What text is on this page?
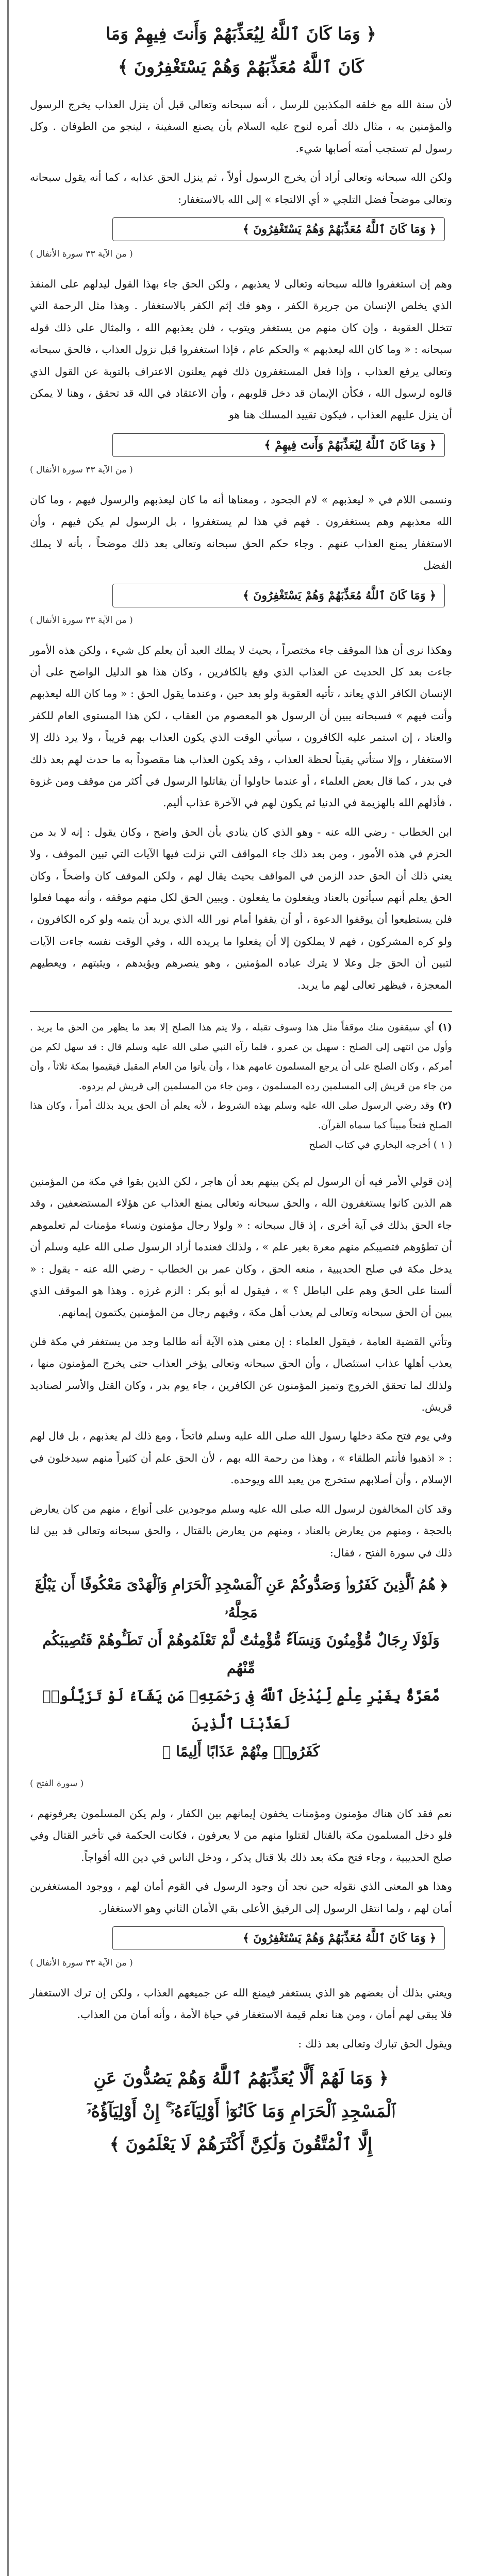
﴿ وَمَا كَانَ ٱللَّهُ لِيُعَذِّبَهُمْ وَأَنتَ فِيهِمْ وَمَا
كَانَ ٱللَّهُ مُعَذِّبَهُمْ وَهُمْ يَسْتَغْفِرُونَ ﴾

لأن سنة الله مع خلقه المكذبين للرسل ، أنه سبحانه وتعالى قبل أن ينزل العذاب يخرج الرسول والمؤمنين به ، مثال ذلك أمره لنوح عليه السلام بأن يصنع السفينة ، لينجو من الطوفان . وكل رسول لم تستجب أمته أصابها شيء.

ولكن الله سبحانه وتعالى أراد أن يخرج الرسول أولاً ، ثم ينزل الحق عذابه ، كما أنه يقول سبحانه وتعالى موضحاً فضل التلجي « أي الالتجاء » إلى الله بالاستغفار:

﴿ وَمَا كَانَ ٱللَّهُ مُعَذِّبَهُمْ وَهُمْ يَسْتَغْفِرُونَ ﴾
( من الآية ٣٣ سورة الأنفال )

وهم إن استغفروا فالله سبحانه وتعالى لا يعذبهم ، ولكن الحق جاء بهذا القول ليدلهم على المنفذ الذي يخلص الإنسان من جريرة الكفر ، وهو فك إثم الكفر بالاستغفار . وهذا مثل الرحمة التي تتخلل العقوبة ، وإن كان منهم من يستغفر ويتوب ، فلن يعذبهم الله ، والمثال على ذلك قوله سبحانه : « وما كان الله ليعذبهم » والحكم عام ، فإذا استغفروا قبل نزول العذاب ، فالحق سبحانه وتعالى يرفع العذاب ، وإذا فعل المستغفرون ذلك فهم يعلنون الاعتراف بالتوبة عن القول الذي قالوه لرسول الله ، فكأن الإيمان قد دخل قلوبهم ، وأن الاعتقاد في الله قد تحقق ، وهنا لا يمكن أن ينزل عليهم العذاب ، فيكون تقييد المسلك هنا هو

﴿ وَمَا كَانَ ٱللَّهُ لِيُعَذِّبَهُمْ وَأَنتَ فِيهِمْ ﴾
( من الآية ٣٣ سورة الأنفال )

ونسمى اللام في « ليعذبهم » لام الجحود ، ومعناها أنه ما كان ليعذبهم والرسول فيهم ، وما كان الله معذبهم وهم يستغفرون . فهم في هذا لم يستغفروا ، بل الرسول لم يكن فيهم ، وأن الاستغفار يمنع العذاب عنهم . وجاء حكم الحق سبحانه وتعالى بعد ذلك موضحاً ، بأنه لا يملك الفضل

﴿ وَمَا كَانَ ٱللَّهُ مُعَذِّبَهُمْ وَهُمْ يَسْتَغْفِرُونَ ﴾
( من الآية ٣٣ سورة الأنفال )

وهكذا نرى أن هذا الموقف جاء مختصراً ، بحيث لا يملك العبد أن يعلم كل شيء ، ولكن هذه الأمور جاءت بعد كل الحديث عن العذاب الذي وقع بالكافرين ، وكان هذا هو الدليل الواضح على أن الإنسان الكافر الذي يعاند ، تأتيه العقوبة ولو بعد حين ، وعندما يقول الحق : « وما كان الله ليعذبهم وأنت فيهم » فسبحانه يبين أن الرسول هو المعصوم من العقاب ، لكن هذا المستوى العام للكفر والعناد ، إن استمر عليه الكافرون ، سيأتي الوقت الذي يكون العذاب بهم قريباً ، ولا يرد ذلك إلا الاستغفار ، وإلا ستأتي يقيناً لحظة العذاب ، وقد يكون العذاب هنا مقصوداً به ما حدث لهم بعد ذلك في بدر ، كما قال بعض العلماء ، أو عندما حاولوا أن يقاتلوا الرسول في أكثر من موقف ومن غزوة ، فأذلهم الله بالهزيمة في الدنيا ثم يكون لهم في الآخرة عذاب أليم.

ابن الخطاب - رضي الله عنه - وهو الذي كان ينادي بأن الحق واضح ، وكان يقول : إنه لا بد من الحزم في هذه الأمور ، ومن بعد ذلك جاء المواقف التي نزلت فيها الآيات التي تبين الموقف ، ولا يعني ذلك أن الحق حدد الزمن في المواقف بحيث يقال لهم ، ولكن الموقف كان واضحاً ، وكان الحق يعلم أنهم سيأتون بالعناد ويفعلون ما يفعلون . ويبين الحق لكل منهم موقفه ، وأنه مهما فعلوا فلن يستطيعوا أن يوقفوا الدعوة ، أو أن يقفوا أمام نور الله الذي يريد أن يتمه ولو كره الكافرون ، ولو كره المشركون ، فهم لا يملكون إلا أن يفعلوا ما يريده الله ، وفي الوقت نفسه جاءت الآيات لتبين أن الحق جل وعلا لا يترك عباده المؤمنين ، وهو ينصرهم ويؤيدهم ، ويثبتهم ، ويعطيهم المعجزة ، فيظهر تعالى لهم ما يريد.

(١) أي سيقفون منك موقفاً مثل هذا وسوف تقبله ، ولا يتم هذا الصلح إلا بعد ما يظهر من الحق ما يريد . وأول من انتهى إلى الصلح : سهيل بن عمرو ، فلما رآه النبي صلى الله عليه وسلم قال : قد سهل لكم من أمركم ، وكان الصلح على أن يرجع المسلمون عامهم هذا ، وأن يأتوا من العام المقبل فيقيموا بمكة ثلاثاً ، وأن من جاء من قريش إلى المسلمين رده المسلمون ، ومن جاء من المسلمين إلى قريش لم يردوه.

(٢) وقد رضي الرسول صلى الله عليه وسلم بهذه الشروط ، لأنه يعلم أن الحق يريد بذلك أمراً ، وكان هذا الصلح فتحاً مبيناً كما سماه القرآن.

( ١ ) أخرجه البخاري في كتاب الصلح

إذن قولي الأمر فيه أن الرسول لم يكن بينهم بعد أن هاجر ، لكن الذين بقوا في مكة من المؤمنين هم الذين كانوا يستغفرون الله ، والحق سبحانه وتعالى يمنع العذاب عن هؤلاء المستضعفين ، وقد جاء الحق بذلك في آية أخرى ، إذ قال سبحانه : « ولولا رجال مؤمنون ونساء مؤمنات لم تعلموهم أن تطؤوهم فتصيبكم منهم معرة بغير علم » ، ولذلك فعندما أراد الرسول صلى الله عليه وسلم أن يدخل مكة في صلح الحديبية ، منعه الحق ، وكان عمر بن الخطاب - رضي الله عنه - يقول : « ألسنا على الحق وهم على الباطل ؟ » ، فيقول له أبو بكر : الزم غرزه . وهذا هو الموقف الذي يبين أن الحق سبحانه وتعالى لم يعذب أهل مكة ، وفيهم رجال من المؤمنين يكتمون إيمانهم.

وتأتي القضية العامة ، فيقول العلماء : إن معنى هذه الآية أنه طالما وجد من يستغفر في مكة فلن يعذب أهلها عذاب استئصال ، وأن الحق سبحانه وتعالى يؤخر العذاب حتى يخرج المؤمنون منها ، ولذلك لما تحقق الخروج وتميز المؤمنون عن الكافرين ، جاء يوم بدر ، وكان القتل والأسر لصناديد قريش.

وفي يوم فتح مكة دخلها رسول الله صلى الله عليه وسلم فاتحاً ، ومع ذلك لم يعذبهم ، بل قال لهم : « اذهبوا فأنتم الطلقاء » ، وهذا من رحمة الله بهم ، لأن الحق علم أن كثيراً منهم سيدخلون في الإسلام ، وأن أصلابهم ستخرج من يعبد الله ويوحده.

وقد كان المخالفون لرسول الله صلى الله عليه وسلم موجودين على أنواع ، منهم من كان يعارض بالحجة ، ومنهم من يعارض بالعناد ، ومنهم من يعارض بالقتال ، والحق سبحانه وتعالى قد بين لنا ذلك في سورة الفتح ، فقال:

﴿ هُمُ ٱلَّذِينَ كَفَرُوا۟ وَصَدُّوكُمْ عَنِ ٱلْمَسْجِدِ ٱلْحَرَامِ وَٱلْهَدْىَ مَعْكُوفًا أَن يَبْلُغَ مَحِلَّهُۥ
وَلَوْلَا رِجَالٌ مُّؤْمِنُونَ وَنِسَآءٌ مُّؤْمِنَٰتٌ لَّمْ تَعْلَمُوهُمْ أَن تَطَـُٔوهُمْ فَتُصِيبَكُم مِّنْهُم
مَّعَرَّةٌۢ بِغَيْرِ عِلْمٍ لِّيُدْخِلَ ٱللَّهُ فِى رَحْمَتِهِۦ مَن يَشَآءُ لَوْ تَزَيَّلُوا۟ لَعَذَّبْنَا ٱلَّذِينَ
كَفَرُوا۟ مِنْهُمْ عَذَابًا أَلِيمًا ﴾
( سورة الفتح )

نعم فقد كان هناك مؤمنون ومؤمنات يخفون إيمانهم بين الكفار ، ولم يكن المسلمون يعرفونهم ، فلو دخل المسلمون مكة بالقتال لقتلوا منهم من لا يعرفون ، فكانت الحكمة في تأخير القتال وفي صلح الحديبية ، وجاء فتح مكة بعد ذلك بلا قتال يذكر ، ودخل الناس في دين الله أفواجاً.

وهذا هو المعنى الذي نقوله حين نجد أن وجود الرسول في القوم أمان لهم ، ووجود المستغفرين أمان لهم ، ولما انتقل الرسول إلى الرفيق الأعلى بقي الأمان الثاني وهو الاستغفار.

﴿ وَمَا كَانَ ٱللَّهُ مُعَذِّبَهُمْ وَهُمْ يَسْتَغْفِرُونَ ﴾
( من الآية ٣٣ سورة الأنفال )

ويعني بذلك أن بعضهم هو الذي يستغفر فيمنع الله عن جميعهم العذاب ، ولكن إن ترك الاستغفار فلا يبقى لهم أمان ، ومن هنا نعلم قيمة الاستغفار في حياة الأمة ، وأنه أمان من العذاب.

ويقول الحق تبارك وتعالى بعد ذلك :

﴿ وَمَا لَهُمْ أَلَّا يُعَذِّبَهُمُ ٱللَّهُ وَهُمْ يَصُدُّونَ عَنِ
ٱلْمَسْجِدِ ٱلْحَرَامِ وَمَا كَانُوٓا۟ أَوْلِيَآءَهُۥٓ ۚ إِنْ أَوْلِيَآؤُهُۥٓ
إِلَّا ٱلْمُتَّقُونَ وَلَٰكِنَّ أَكْثَرَهُمْ لَا يَعْلَمُونَ ﴾
